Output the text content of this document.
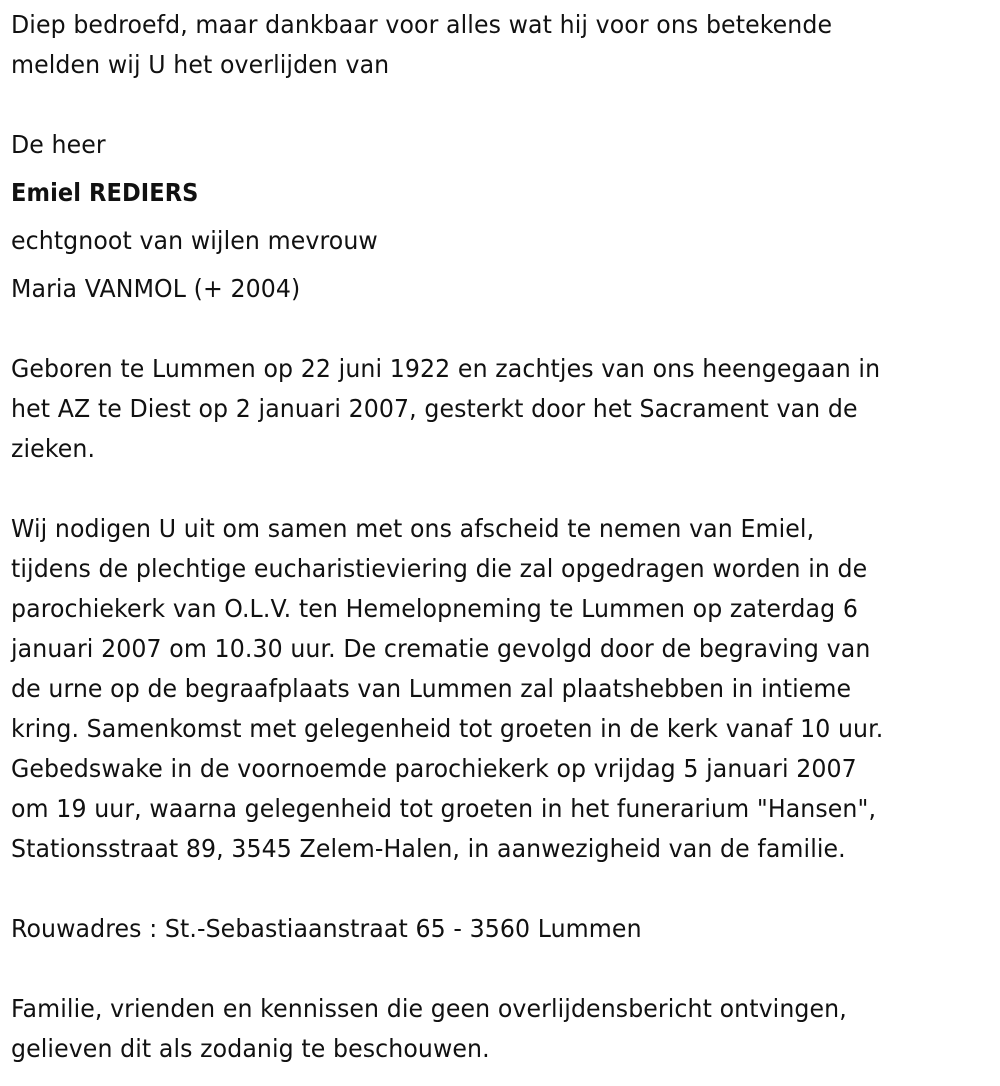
Diep bedroefd, maar dankbaar voor alles wat hij voor ons betekende
melden wij U het overlijden van
De heer
Emiel REDIERS
echtgnoot van wijlen mevrouw
Maria VANMOL (+ 2004)
Geboren te Lummen op 22 juni 1922 en zachtjes van ons heengegaan in
het AZ te Diest op 2 januari 2007, gesterkt door het Sacrament van de
zieken.
Wij nodigen U uit om samen met ons afscheid te nemen van Emiel,
tijdens de plechtige eucharistieviering die zal opgedragen worden in de
parochiekerk van O.L.V. ten Hemelopneming te Lummen op zaterdag 6
januari 2007 om 10.30 uur. De crematie gevolgd door de begraving van
de urne op de begraafplaats van Lummen zal plaatshebben in intieme
kring. Samenkomst met gelegenheid tot groeten in de kerk vanaf 10 uur.
Gebedswake in de voornoemde parochiekerk op vrijdag 5 januari 2007
om 19 uur, waarna gelegenheid tot groeten in het funerarium "Hansen",
Stationsstraat 89, 3545 Zelem-Halen, in aanwezigheid van de familie.
Rouwadres : St.-Sebastiaanstraat 65 - 3560 Lummen
Familie, vrienden en kennissen die geen overlijdensbericht ontvingen,
gelieven dit als zodanig te beschouwen.
